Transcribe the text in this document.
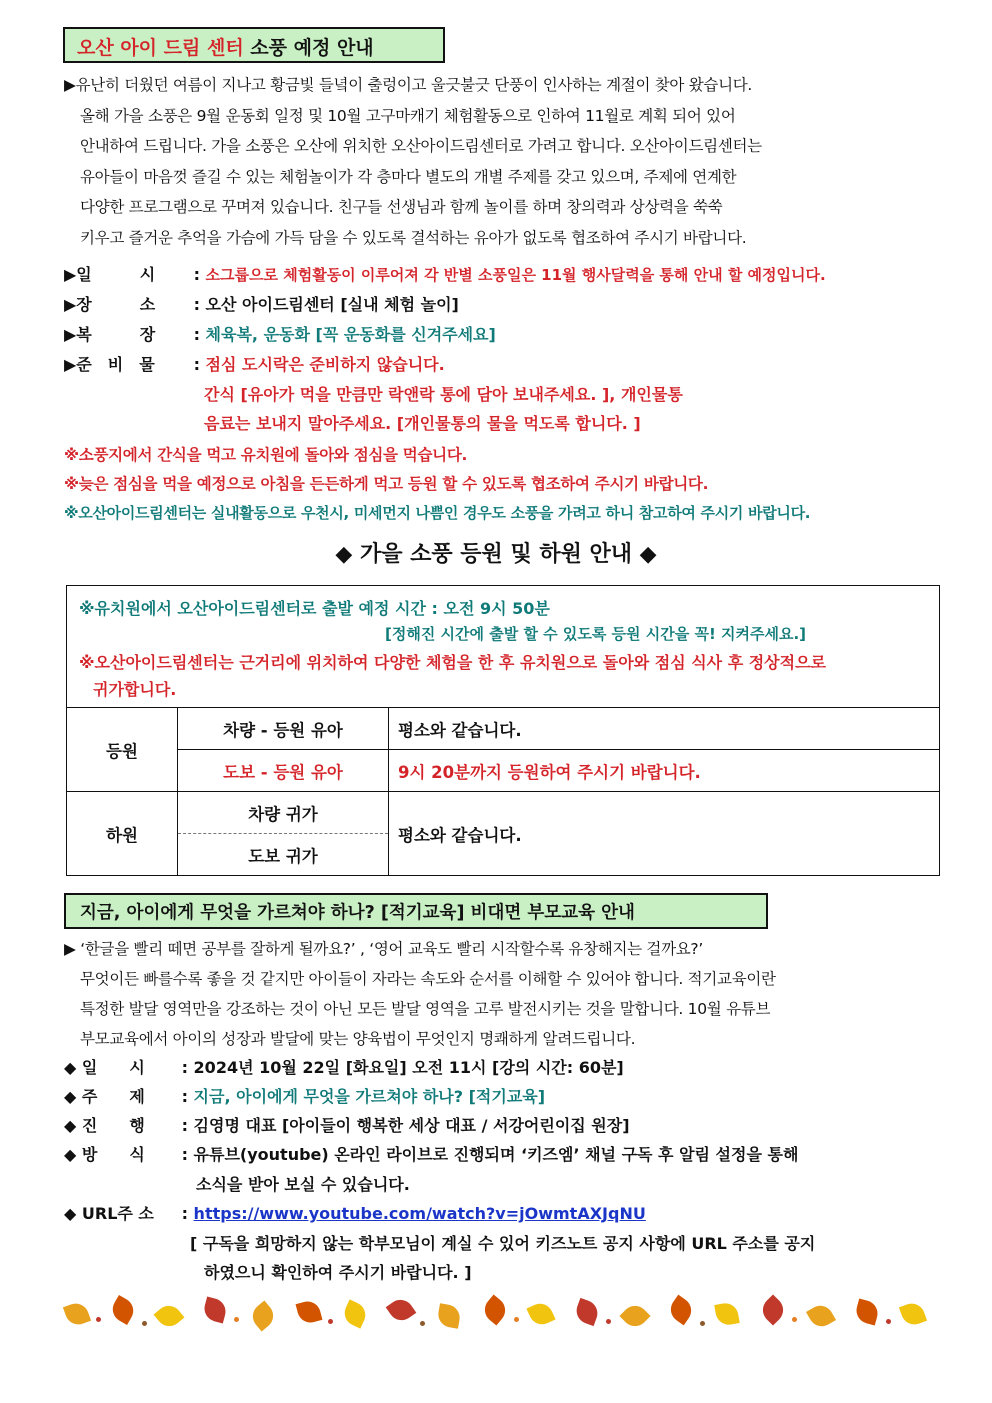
오산 아이 드림 센터 소풍 예정 안내
▶유난히 더웠던 여름이 지나고 황금빛 들녘이 출렁이고 울긋불긋 단풍이 인사하는 계절이 찾아 왔습니다.
올해 가을 소풍은 9월 운동회 일정 및 10월 고구마캐기 체험활동으로 인하여 11월로 계획 되어 있어
안내하여 드립니다. 가을 소풍은 오산에 위치한 오산아이드림센터로 가려고 합니다. 오산아이드림센터는
유아들이 마음껏 즐길 수 있는 체험놀이가 각 층마다 별도의 개별 주제를 갖고 있으며, 주제에 연계한
다양한 프로그램으로 꾸며져 있습니다. 친구들 선생님과 함께 놀이를 하며 창의력과 상상력을 쑥쑥
키우고 즐거운 추억을 가슴에 가득 담을 수 있도록 결석하는 유아가 없도록 협조하여 주시기 바랍니다.
▶일　　　시 : 소그룹으로 체험활동이 이루어져 각 반별 소풍일은 11월 행사달력을 통해 안내 할 예정입니다.
▶장　　　소 : 오산 아이드림센터 [실내 체험 놀이]
▶복　　　장 : 체육복, 운동화 [꼭 운동화를 신겨주세요]
▶준　비　물 : 점심 도시락은 준비하지 않습니다.
간식 [유아가 먹을 만큼만 락앤락 통에 담아 보내주세요. ], 개인물통
음료는 보내지 말아주세요. [개인물통의 물을 먹도록 합니다. ]
※소풍지에서 간식을 먹고 유치원에 돌아와 점심을 먹습니다.
※늦은 점심을 먹을 예정으로 아침을 든든하게 먹고 등원 할 수 있도록 협조하여 주시기 바랍니다.
※오산아이드림센터는 실내활동으로 우천시, 미세먼지 나쁨인 경우도 소풍을 가려고 하니 참고하여 주시기 바랍니다.
◆ 가을 소풍 등원 및 하원 안내 ◆
※유치원에서 오산아이드림센터로 출발 예정 시간 : 오전 9시 50분
[정해진 시간에 출발 할 수 있도록 등원 시간을 꼭! 지켜주세요.]
※오산아이드림센터는 근거리에 위치하여 다양한 체험을 한 후 유치원으로 돌아와 점심 식사 후 정상적으로
귀가합니다.
등원	차량 - 등원 유아	평소와 같습니다.
	도보 - 등원 유아	9시 20분까지 등원하여 주시기 바랍니다.
하원	차량 귀가	평소와 같습니다.
	도보 귀가	
지금, 아이에게 무엇을 가르쳐야 하나? [적기교육] 비대면 부모교육 안내
▶ ‘한글을 빨리 떼면 공부를 잘하게 될까요?’ , ‘영어 교육도 빨리 시작할수록 유창해지는 걸까요?’
무엇이든 빠를수록 좋을 것 같지만 아이들이 자라는 속도와 순서를 이해할 수 있어야 합니다. 적기교육이란
특정한 발달 영역만을 강조하는 것이 아닌 모든 발달 영역을 고루 발전시키는 것을 말합니다. 10월 유튜브
부모교육에서 아이의 성장과 발달에 맞는 양육법이 무엇인지 명쾌하게 알려드립니다.
◆ 일　　시 : 2024년 10월 22일 [화요일] 오전 11시 [강의 시간: 60분]
◆ 주　　제 : 지금, 아이에게 무엇을 가르쳐야 하나? [적기교육]
◆ 진　　행 : 김영명 대표 [아이들이 행복한 세상 대표 / 서강어린이집 원장]
◆ 방　　식 : 유튜브(youtube) 온라인 라이브로 진행되며 ‘키즈엠’ 채널 구독 후 알림 설정을 통해
소식을 받아 보실 수 있습니다.
◆ URL주 소 : https://www.youtube.com/watch?v=jOwmtAXJqNU
[ 구독을 희망하지 않는 학부모님이 계실 수 있어 키즈노트 공지 사항에 URL 주소를 공지
하였으니 확인하여 주시기 바랍니다. ]
